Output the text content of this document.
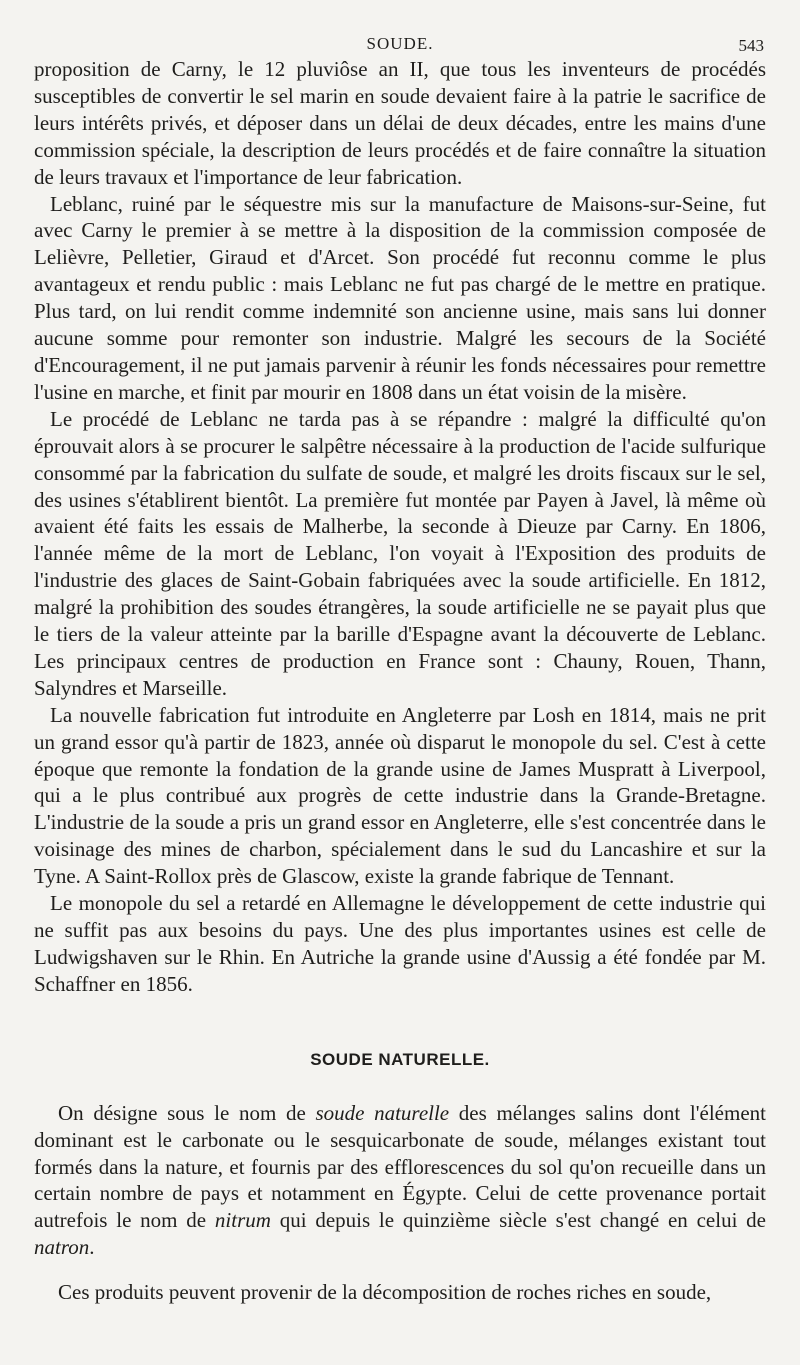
SOUDE.	543

proposition de Carny, le 12 pluviôse an II, que tous les inventeurs de procédés susceptibles de convertir le sel marin en soude devaient faire à la patrie le sacrifice de leurs intérêts privés, et déposer dans un délai de deux décades, entre les mains d'une commission spéciale, la description de leurs procédés et de faire connaître la situation de leurs travaux et l'importance de leur fabrication.

Leblanc, ruiné par le séquestre mis sur la manufacture de Maisons-sur-Seine, fut avec Carny le premier à se mettre à la disposition de la commission composée de Lelièvre, Pelletier, Giraud et d'Arcet. Son procédé fut reconnu comme le plus avantageux et rendu public : mais Leblanc ne fut pas chargé de le mettre en pratique. Plus tard, on lui rendit comme indemnité son ancienne usine, mais sans lui donner aucune somme pour remonter son industrie. Malgré les secours de la Société d'Encouragement, il ne put jamais parvenir à réunir les fonds nécessaires pour remettre l'usine en marche, et finit par mourir en 1808 dans un état voisin de la misère.

Le procédé de Leblanc ne tarda pas à se répandre : malgré la difficulté qu'on éprouvait alors à se procurer le salpêtre nécessaire à la production de l'acide sulfurique consommé par la fabrication du sulfate de soude, et malgré les droits fiscaux sur le sel, des usines s'établirent bientôt. La première fut montée par Payen à Javel, là même où avaient été faits les essais de Malherbe, la seconde à Dieuze par Carny. En 1806, l'année même de la mort de Leblanc, l'on voyait à l'Exposition des produits de l'industrie des glaces de Saint-Gobain fabriquées avec la soude artificielle. En 1812, malgré la prohibition des soudes étrangères, la soude artificielle ne se payait plus que le tiers de la valeur atteinte par la barille d'Espagne avant la découverte de Leblanc. Les principaux centres de production en France sont : Chauny, Rouen, Thann, Salyndres et Marseille.

La nouvelle fabrication fut introduite en Angleterre par Losh en 1814, mais ne prit un grand essor qu'à partir de 1823, année où disparut le monopole du sel. C'est à cette époque que remonte la fondation de la grande usine de James Muspratt à Liverpool, qui a le plus contribué aux progrès de cette industrie dans la Grande-Bretagne. L'industrie de la soude a pris un grand essor en Angleterre, elle s'est concentrée dans le voisinage des mines de charbon, spécialement dans le sud du Lancashire et sur la Tyne. A Saint-Rollox près de Glascow, existe la grande fabrique de Tennant.

Le monopole du sel a retardé en Allemagne le développement de cette industrie qui ne suffit pas aux besoins du pays. Une des plus importantes usines est celle de Ludwigshaven sur le Rhin. En Autriche la grande usine d'Aussig a été fondée par M. Schaffner en 1856.

SOUDE NATURELLE.

On désigne sous le nom de soude naturelle des mélanges salins dont l'élément dominant est le carbonate ou le sesquicarbonate de soude, mélanges existant tout formés dans la nature, et fournis par des efflorescences du sol qu'on recueille dans un certain nombre de pays et notamment en Égypte. Celui de cette provenance portait autrefois le nom de nitrum qui depuis le quinzième siècle s'est changé en celui de natron.

Ces produits peuvent provenir de la décomposition de roches riches en soude,
